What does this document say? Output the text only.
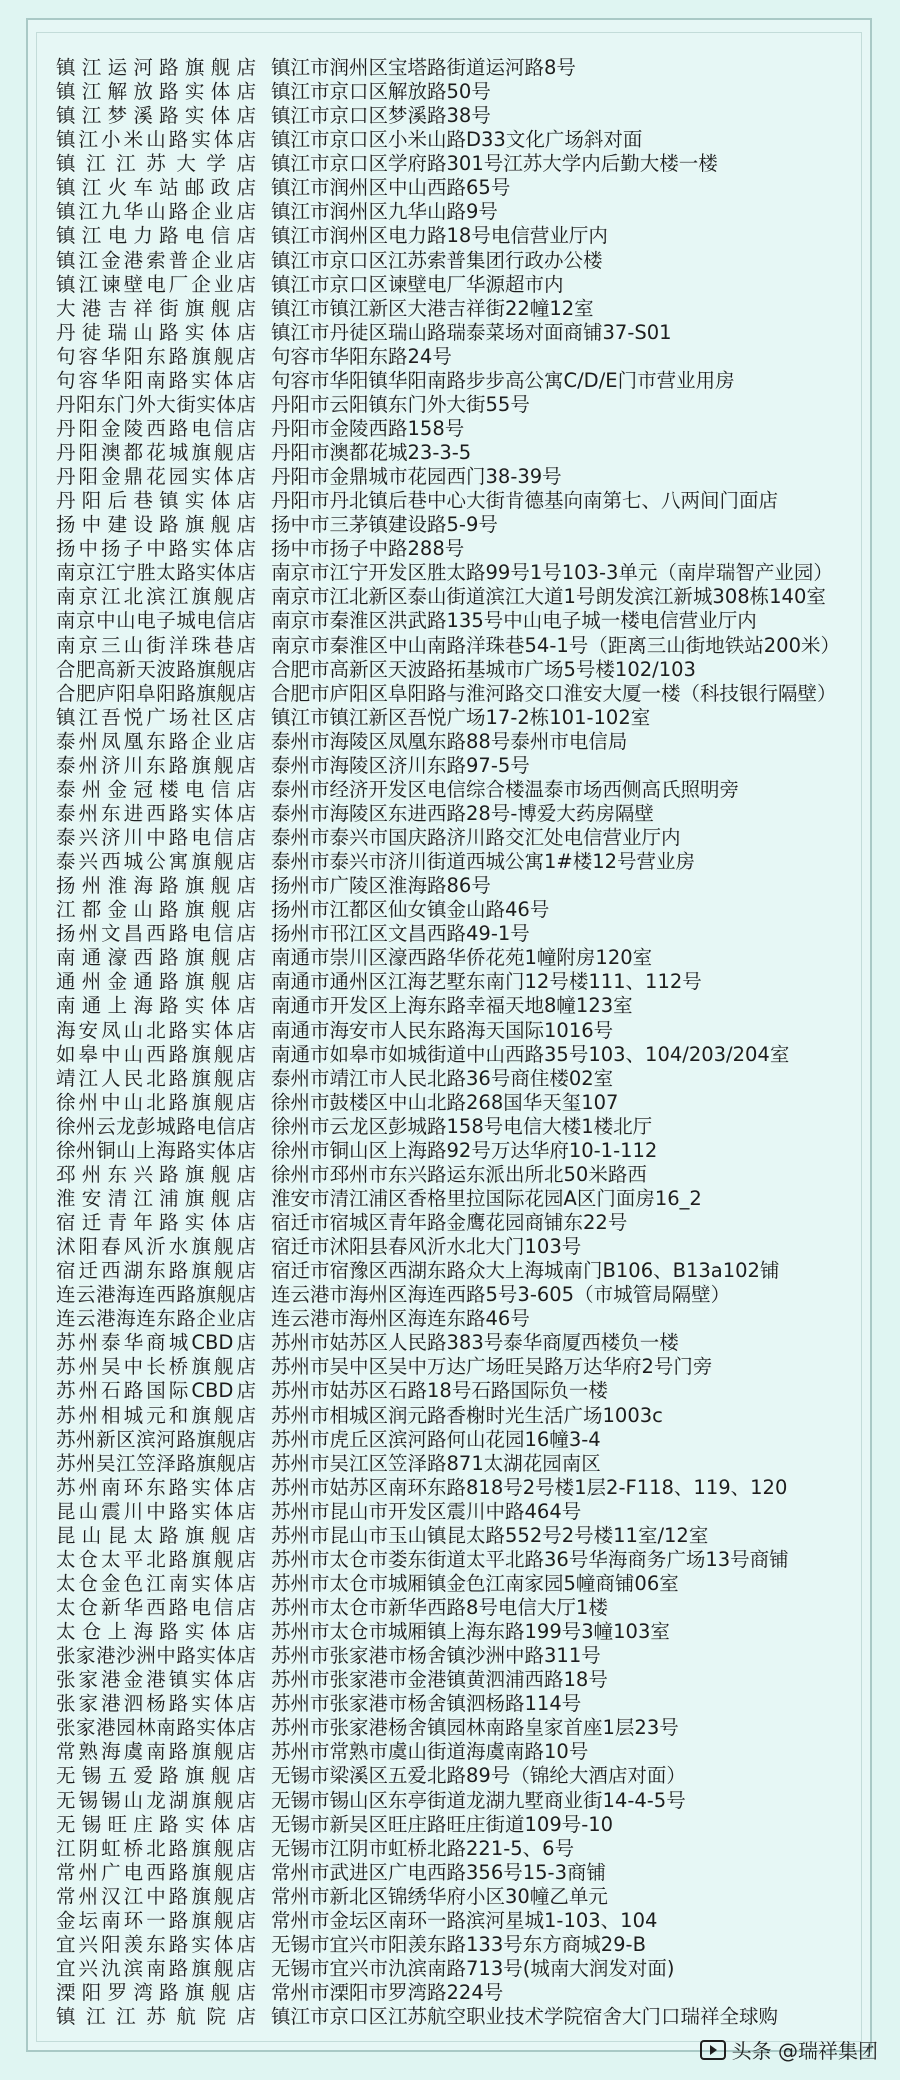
镇江运河路旗舰店 镇江市润州区宝塔路街道运河路8号
镇江解放路实体店 镇江市京口区解放路50号
镇江梦溪路实体店 镇江市京口区梦溪路38号
镇江小米山路实体店 镇江市京口区小米山路D33文化广场斜对面
镇江江苏大学店 镇江市京口区学府路301号江苏大学内后勤大楼一楼
镇江火车站邮政店 镇江市润州区中山西路65号
镇江九华山路企业店 镇江市润州区九华山路9号
镇江电力路电信店 镇江市润州区电力路18号电信营业厅内
镇江金港索普企业店 镇江市京口区江苏索普集团行政办公楼
镇江谏壁电厂企业店 镇江市京口区谏壁电厂华源超市内
大港吉祥街旗舰店 镇江市镇江新区大港吉祥街22幢12室
丹徒瑞山路实体店 镇江市丹徒区瑞山路瑞泰菜场对面商铺37-S01
句容华阳东路旗舰店 句容市华阳东路24号
句容华阳南路实体店 句容市华阳镇华阳南路步步高公寓C/D/E门市营业用房
丹阳东门外大街实体店 丹阳市云阳镇东门外大街55号
丹阳金陵西路电信店 丹阳市金陵西路158号
丹阳澳都花城旗舰店 丹阳市澳都花城23-3-5
丹阳金鼎花园实体店 丹阳市金鼎城市花园西门38-39号
丹阳后巷镇实体店 丹阳市丹北镇后巷中心大街肯德基向南第七、八两间门面店
扬中建设路旗舰店 扬中市三茅镇建设路5-9号
扬中扬子中路实体店 扬中市扬子中路288号
南京江宁胜太路实体店 南京市江宁开发区胜太路99号1号103-3单元（南岸瑞智产业园）
南京江北滨江旗舰店 南京市江北新区泰山街道滨江大道1号朗发滨江新城308栋140室
南京中山电子城电信店 南京市秦淮区洪武路135号中山电子城一楼电信营业厅内
南京三山街洋珠巷店 南京市秦淮区中山南路洋珠巷54-1号（距离三山街地铁站200米）
合肥高新天波路旗舰店 合肥市高新区天波路拓基城市广场5号楼102/103
合肥庐阳阜阳路旗舰店 合肥市庐阳区阜阳路与淮河路交口淮安大厦一楼（科技银行隔壁）
镇江吾悦广场社区店 镇江市镇江新区吾悦广场17-2栋101-102室
泰州凤凰东路企业店 泰州市海陵区凤凰东路88号泰州市电信局
泰州济川东路旗舰店 泰州市海陵区济川东路97-5号
泰州金冠楼电信店 泰州市经济开发区电信综合楼温泰市场西侧高氏照明旁
泰州东进西路实体店 泰州市海陵区东进西路28号-博爱大药房隔壁
泰兴济川中路电信店 泰州市泰兴市国庆路济川路交汇处电信营业厅内
泰兴西城公寓旗舰店 泰州市泰兴市济川街道西城公寓1#楼12号营业房
扬州淮海路旗舰店 扬州市广陵区淮海路86号
江都金山路旗舰店 扬州市江都区仙女镇金山路46号
扬州文昌西路电信店 扬州市邗江区文昌西路49-1号
南通濠西路旗舰店 南通市崇川区濠西路华侨花苑1幢附房120室
通州金通路旗舰店 南通市通州区江海艺墅东南门12号楼111、112号
南通上海路实体店 南通市开发区上海东路幸福天地8幢123室
海安凤山北路实体店 南通市海安市人民东路海天国际1016号
如皋中山西路旗舰店 南通市如皋市如城街道中山西路35号103、104/203/204室
靖江人民北路旗舰店 泰州市靖江市人民北路36号商住楼02室
徐州中山北路旗舰店 徐州市鼓楼区中山北路268国华天玺107
徐州云龙彭城路电信店 徐州市云龙区彭城路158号电信大楼1楼北厅
徐州铜山上海路实体店 徐州市铜山区上海路92号万达华府10-1-112
邳州东兴路旗舰店 徐州市邳州市东兴路运东派出所北50米路西
淮安清江浦旗舰店 淮安市清江浦区香格里拉国际花园A区门面房16_2
宿迁青年路实体店 宿迁市宿城区青年路金鹰花园商铺东22号
沭阳春风沂水旗舰店 宿迁市沭阳县春风沂水北大门103号
宿迁西湖东路旗舰店 宿迁市宿豫区西湖东路众大上海城南门B106、B13a102铺
连云港海连西路旗舰店 连云港市海州区海连西路5号3-605（市城管局隔壁）
连云港海连东路企业店 连云港市海州区海连东路46号
苏州泰华商城CBD店 苏州市姑苏区人民路383号泰华商厦西楼负一楼
苏州吴中长桥旗舰店 苏州市吴中区吴中万达广场旺吴路万达华府2号门旁
苏州石路国际CBD店 苏州市姑苏区石路18号石路国际负一楼
苏州相城元和旗舰店 苏州市相城区润元路香榭时光生活广场1003c
苏州新区滨河路旗舰店 苏州市虎丘区滨河路何山花园16幢3-4
苏州吴江笠泽路旗舰店 苏州市吴江区笠泽路871太湖花园南区
苏州南环东路实体店 苏州市姑苏区南环东路818号2号楼1层2-F118、119、120
昆山震川中路实体店 苏州市昆山市开发区震川中路464号
昆山昆太路旗舰店 苏州市昆山市玉山镇昆太路552号2号楼11室/12室
太仓太平北路旗舰店 苏州市太仓市娄东街道太平北路36号华海商务广场13号商铺
太仓金色江南实体店 苏州市太仓市城厢镇金色江南家园5幢商铺06室
太仓新华西路电信店 苏州市太仓市新华西路8号电信大厅1楼
太仓上海路实体店 苏州市太仓市城厢镇上海东路199号3幢103室
张家港沙洲中路实体店 苏州市张家港市杨舍镇沙洲中路311号
张家港金港镇实体店 苏州市张家港市金港镇黄泗浦西路18号
张家港泗杨路实体店 苏州市张家港市杨舍镇泗杨路114号
张家港园林南路实体店 苏州市张家港杨舍镇园林南路皇家首座1层23号
常熟海虞南路旗舰店 苏州市常熟市虞山街道海虞南路10号
无锡五爱路旗舰店 无锡市梁溪区五爱北路89号（锦纶大酒店对面）
无锡锡山龙湖旗舰店 无锡市锡山区东亭街道龙湖九墅商业街14-4-5号
无锡旺庄路实体店 无锡市新吴区旺庄路旺庄街道109号-10
江阴虹桥北路旗舰店 无锡市江阴市虹桥北路221-5、6号
常州广电西路旗舰店 常州市武进区广电西路356号15-3商铺
常州汉江中路旗舰店 常州市新北区锦绣华府小区30幢乙单元
金坛南环一路旗舰店 常州市金坛区南环一路滨河星城1-103、104
宜兴阳羡东路实体店 无锡市宜兴市阳羡东路133号东方商城29-B
宜兴氿滨南路旗舰店 无锡市宜兴市氿滨南路713号(城南大润发对面)
溧阳罗湾路旗舰店 常州市溧阳市罗湾路224号
镇江江苏航院店 镇江市京口区江苏航空职业技术学院宿舍大门口瑞祥全球购
头条 @瑞祥集团
